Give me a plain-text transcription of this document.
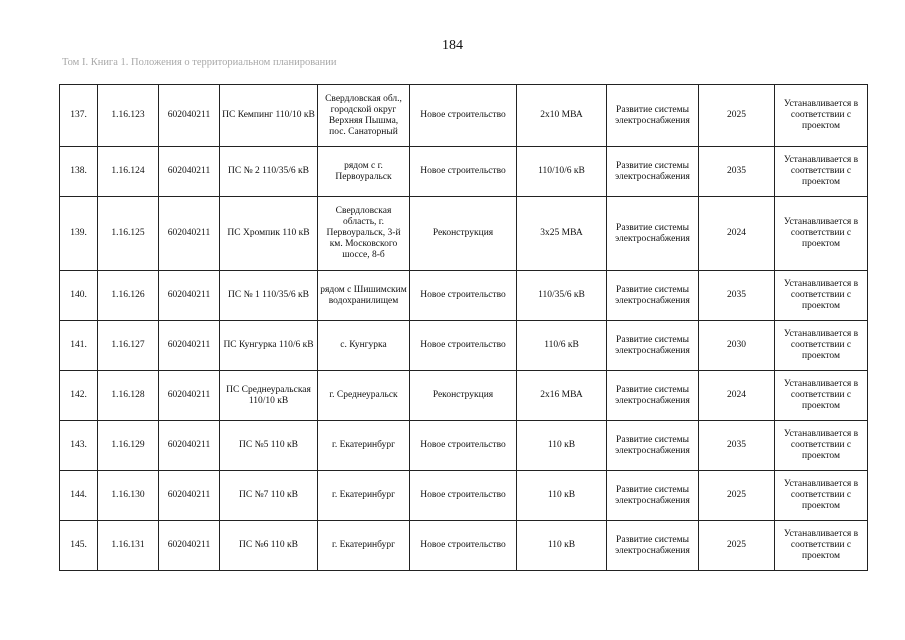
184
Том I. Книга 1. Положения о территориальном планировании
137.	1.16.123	602040211	ПС Кемпинг 110/10 кВ	Свердловская обл., городской округ Верхняя Пышма, пос. Санаторный	Новое строительство	2х10 МВА	Развитие системы электроснабжения	2025	Устанавливается в соответствии с проектом
138.	1.16.124	602040211	ПС № 2 110/35/6 кВ	рядом с г. Первоуральск	Новое строительство	110/10/6 кВ	Развитие системы электроснабжения	2035	Устанавливается в соответствии с проектом
139.	1.16.125	602040211	ПС Хромпик 110 кВ	Свердловская область, г. Первоуральск, 3-й км. Московского шоссе, 8-б	Реконструкция	3х25 МВА	Развитие системы электроснабжения	2024	Устанавливается в соответствии с проектом
140.	1.16.126	602040211	ПС № 1 110/35/6 кВ	рядом с Шишимским водохранилищем	Новое строительство	110/35/6 кВ	Развитие системы электроснабжения	2035	Устанавливается в соответствии с проектом
141.	1.16.127	602040211	ПС Кунгурка 110/6 кВ	с. Кунгурка	Новое строительство	110/6 кВ	Развитие системы электроснабжения	2030	Устанавливается в соответствии с проектом
142.	1.16.128	602040211	ПС Среднеуральская 110/10 кВ	г. Среднеуральск	Реконструкция	2х16 МВА	Развитие системы электроснабжения	2024	Устанавливается в соответствии с проектом
143.	1.16.129	602040211	ПС №5 110 кВ	г. Екатеринбург	Новое строительство	110 кВ	Развитие системы электроснабжения	2035	Устанавливается в соответствии с проектом
144.	1.16.130	602040211	ПС №7 110 кВ	г. Екатеринбург	Новое строительство	110 кВ	Развитие системы электроснабжения	2025	Устанавливается в соответствии с проектом
145.	1.16.131	602040211	ПС №6 110 кВ	г. Екатеринбург	Новое строительство	110 кВ	Развитие системы электроснабжения	2025	Устанавливается в соответствии с проектом
